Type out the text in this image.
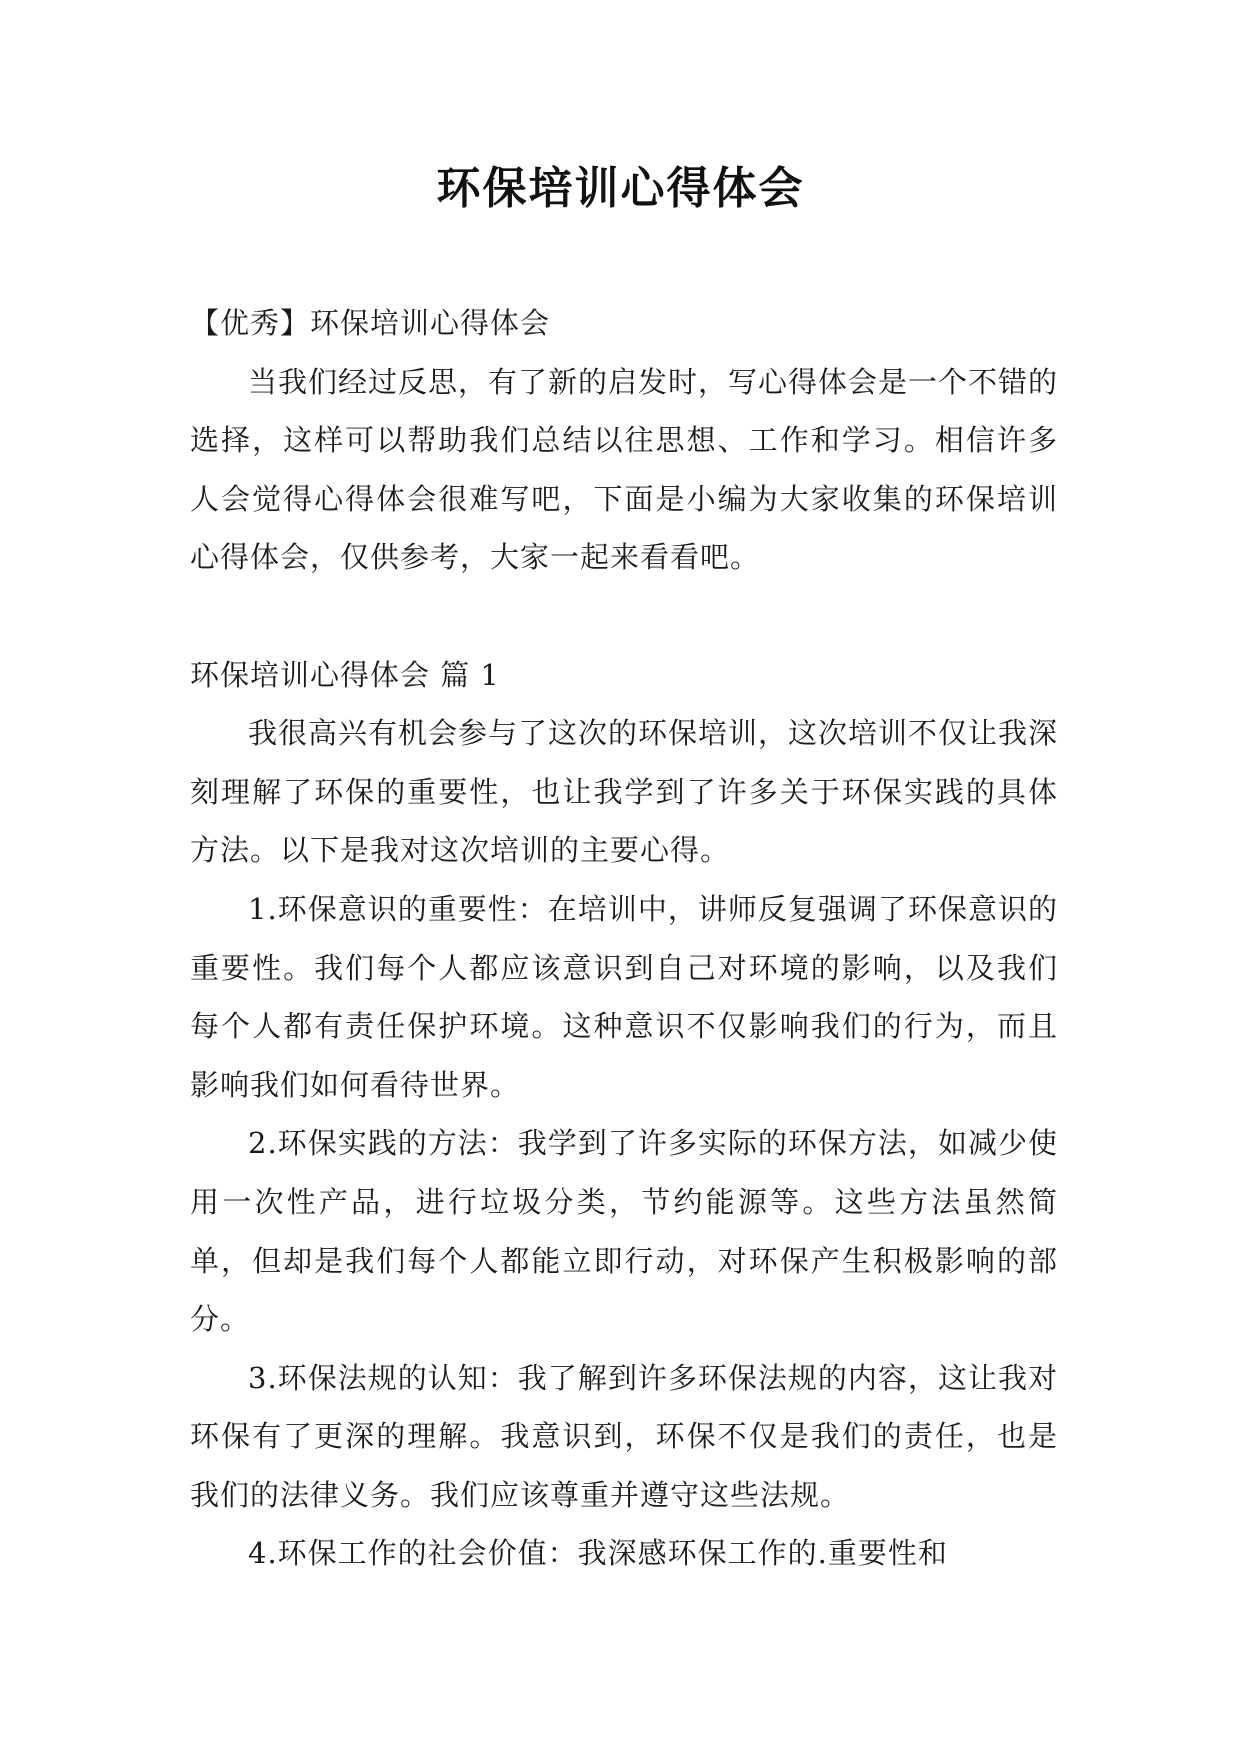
环保培训心得体会

【优秀】环保培训心得体会

当我们经过反思，有了新的启发时，写心得体会是一个不错的选择，这样可以帮助我们总结以往思想、工作和学习。相信许多人会觉得心得体会很难写吧，下面是小编为大家收集的环保培训心得体会，仅供参考，大家一起来看看吧。

环保培训心得体会 篇 1

我很高兴有机会参与了这次的环保培训，这次培训不仅让我深刻理解了环保的重要性，也让我学到了许多关于环保实践的具体方法。以下是我对这次培训的主要心得。

1.环保意识的重要性：在培训中，讲师反复强调了环保意识的重要性。我们每个人都应该意识到自己对环境的影响，以及我们每个人都有责任保护环境。这种意识不仅影响我们的行为，而且影响我们如何看待世界。

2.环保实践的方法：我学到了许多实际的环保方法，如减少使用一次性产品，进行垃圾分类，节约能源等。这些方法虽然简单，但却是我们每个人都能立即行动，对环保产生积极影响的部分。

3.环保法规的认知：我了解到许多环保法规的内容，这让我对环保有了更深的理解。我意识到，环保不仅是我们的责任，也是我们的法律义务。我们应该尊重并遵守这些法规。

4.环保工作的社会价值：我深感环保工作的.重要性和
